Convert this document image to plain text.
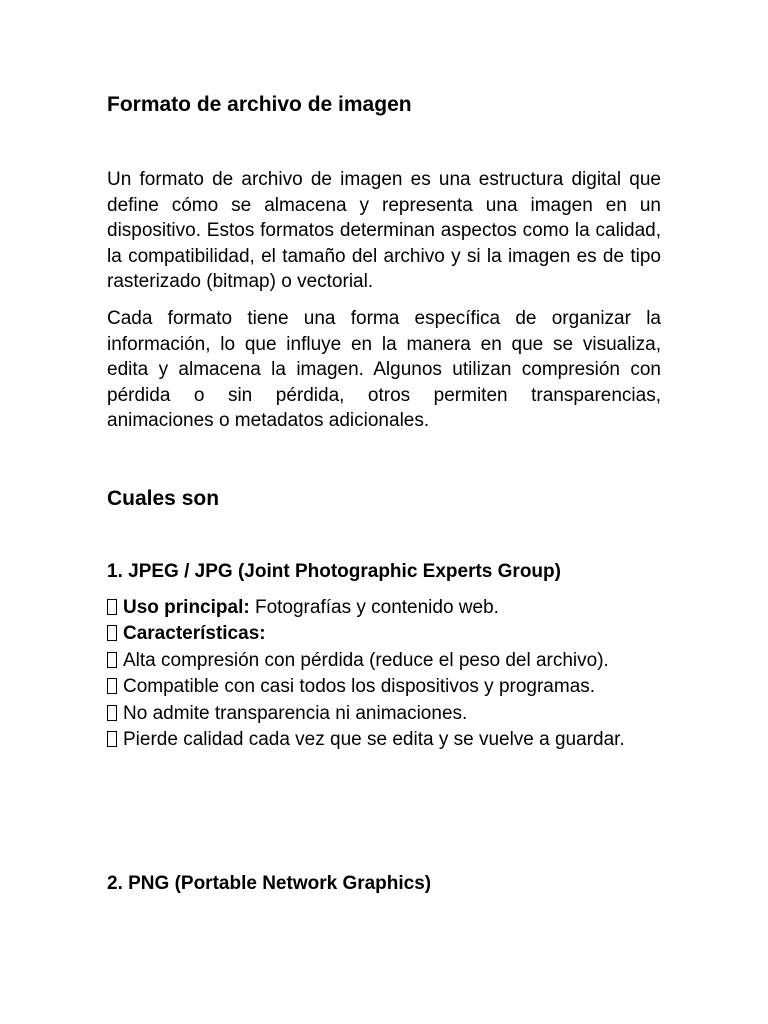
Formato de archivo de imagen
Un formato de archivo de imagen es una estructura digital que define cómo se almacena y representa una imagen en un dispositivo. Estos formatos determinan aspectos como la calidad, la compatibilidad, el tamaño del archivo y si la imagen es de tipo rasterizado (bitmap) o vectorial.
Cada formato tiene una forma específica de organizar la información, lo que influye en la manera en que se visualiza, edita y almacena la imagen. Algunos utilizan compresión con pérdida o sin pérdida, otros permiten transparencias, animaciones o metadatos adicionales.
Cuales son
1. JPEG / JPG (Joint Photographic Experts Group)
Uso principal: Fotografías y contenido web.
Características:
Alta compresión con pérdida (reduce el peso del archivo).
Compatible con casi todos los dispositivos y programas.
No admite transparencia ni animaciones.
Pierde calidad cada vez que se edita y se vuelve a guardar.
2. PNG (Portable Network Graphics)
